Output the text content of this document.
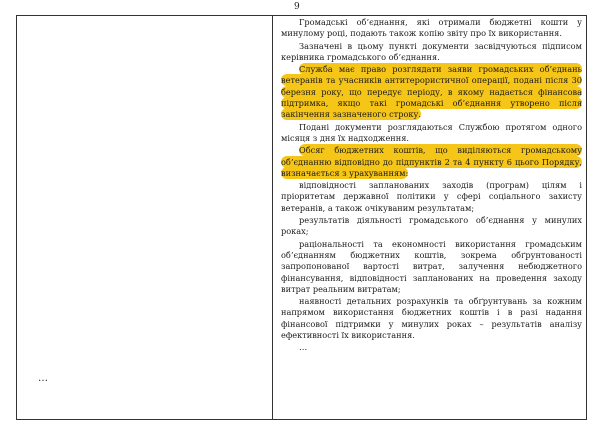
9
…

Громадські об’єднання, які отримали бюджетні кошти у минулому році, подають також копію звіту про їх використання.

Зазначені в цьому пункті документи засвідчуються підписом керівника громадського об’єднання.

Служба має право розглядати заяви громадських об’єднань ветеранів та учасників антитерористичної операції, подані після 30 березня року, що передує періоду, в якому надається фінансова підтримка, якщо такі громадські об’єднання утворено після закінчення зазначеного строку.

Подані документи розглядаються Службою протягом одного місяця з дня їх надходження.

Обсяг бюджетних коштів, що виділяються громадському об’єднанню відповідно до підпунктів 2 та 4 пункту 6 цього Порядку, визначається з урахуванням:

відповідності запланованих заходів (програм) цілям і пріоритетам державної політики у сфері соціального захисту ветеранів, а також очікуваним результатам;

результатів діяльності громадського об’єднання у минулих роках;

раціональності та економності використання громадським об’єднанням бюджетних коштів, зокрема обґрунтованості запропонованої вартості витрат, залучення небюджетного фінансування, відповідності запланованих на проведення заходу витрат реальним витратам;

наявності детальних розрахунків та обґрунтувань за кожним напрямом використання бюджетних коштів і в разі надання фінансової підтримки у минулих роках – результатів аналізу ефективності їх використання.

…
